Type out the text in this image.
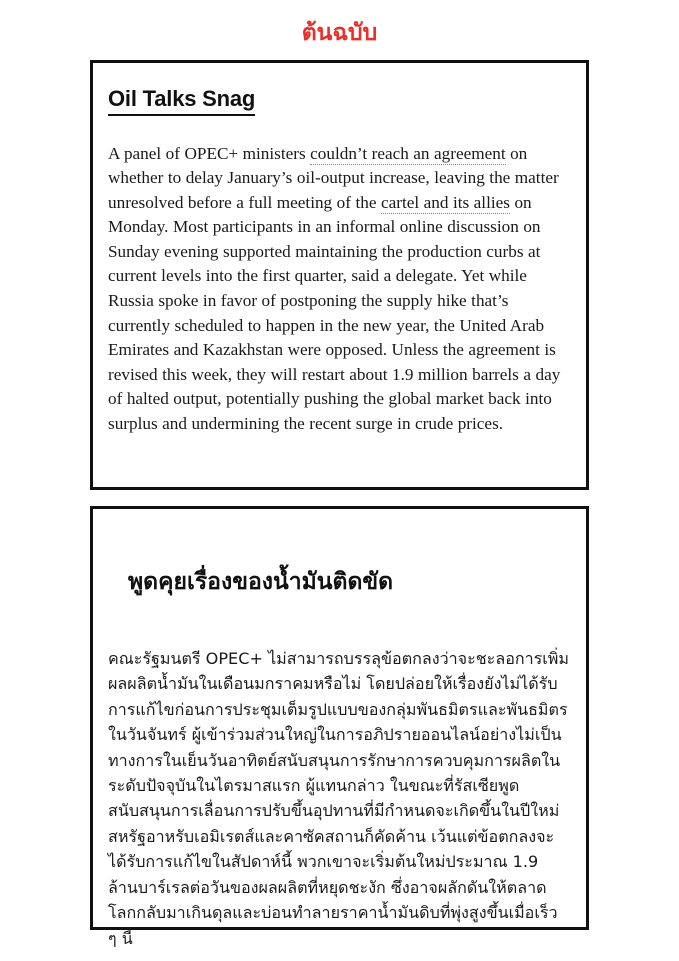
ต้นฉบับ
Oil Talks Snag
A panel of OPEC+ ministers couldn’t reach an agreement on whether to delay January’s oil-output increase, leaving the matter unresolved before a full meeting of the cartel and its allies on Monday. Most participants in an informal online discussion on Sunday evening supported maintaining the production curbs at current levels into the first quarter, said a delegate. Yet while Russia spoke in favor of postponing the supply hike that’s currently scheduled to happen in the new year, the United Arab Emirates and Kazakhstan were opposed. Unless the agreement is revised this week, they will restart about 1.9 million barrels a day of halted output, potentially pushing the global market back into surplus and undermining the recent surge in crude prices.
พูดคุยเรื่องของน้ำมันติดขัด
คณะรัฐมนตรี OPEC+ ไม่สามารถบรรลุข้อตกลงว่าจะชะลอการเพิ่มผลผลิตน้ำมันในเดือนมกราคมหรือไม่ โดยปล่อยให้เรื่องยังไม่ได้รับการแก้ไขก่อนการประชุมเต็มรูปแบบของกลุ่มพันธมิตรและพันธมิตรในวันจันทร์ ผู้เข้าร่วมส่วนใหญ่ในการอภิปรายออนไลน์อย่างไม่เป็นทางการในเย็นวันอาทิตย์สนับสนุนการรักษาการควบคุมการผลิตในระดับปัจจุบันในไตรมาสแรก ผู้แทนกล่าว ในขณะที่รัสเซียพูดสนับสนุนการเลื่อนการปรับขึ้นอุปทานที่มีกำหนดจะเกิดขึ้นในปีใหม่ สหรัฐอาหรับเอมิเรตส์และคาซัคสถานก็คัดค้าน เว้นแต่ข้อตกลงจะได้รับการแก้ไขในสัปดาห์นี้ พวกเขาจะเริ่มต้นใหม่ประมาณ 1.9 ล้านบาร์เรลต่อวันของผลผลิตที่หยุดชะงัก ซึ่งอาจผลักดันให้ตลาดโลกกลับมาเกินดุลและบ่อนทำลายราคาน้ำมันดิบที่พุ่งสูงขึ้นเมื่อเร็ว ๆ นี้
